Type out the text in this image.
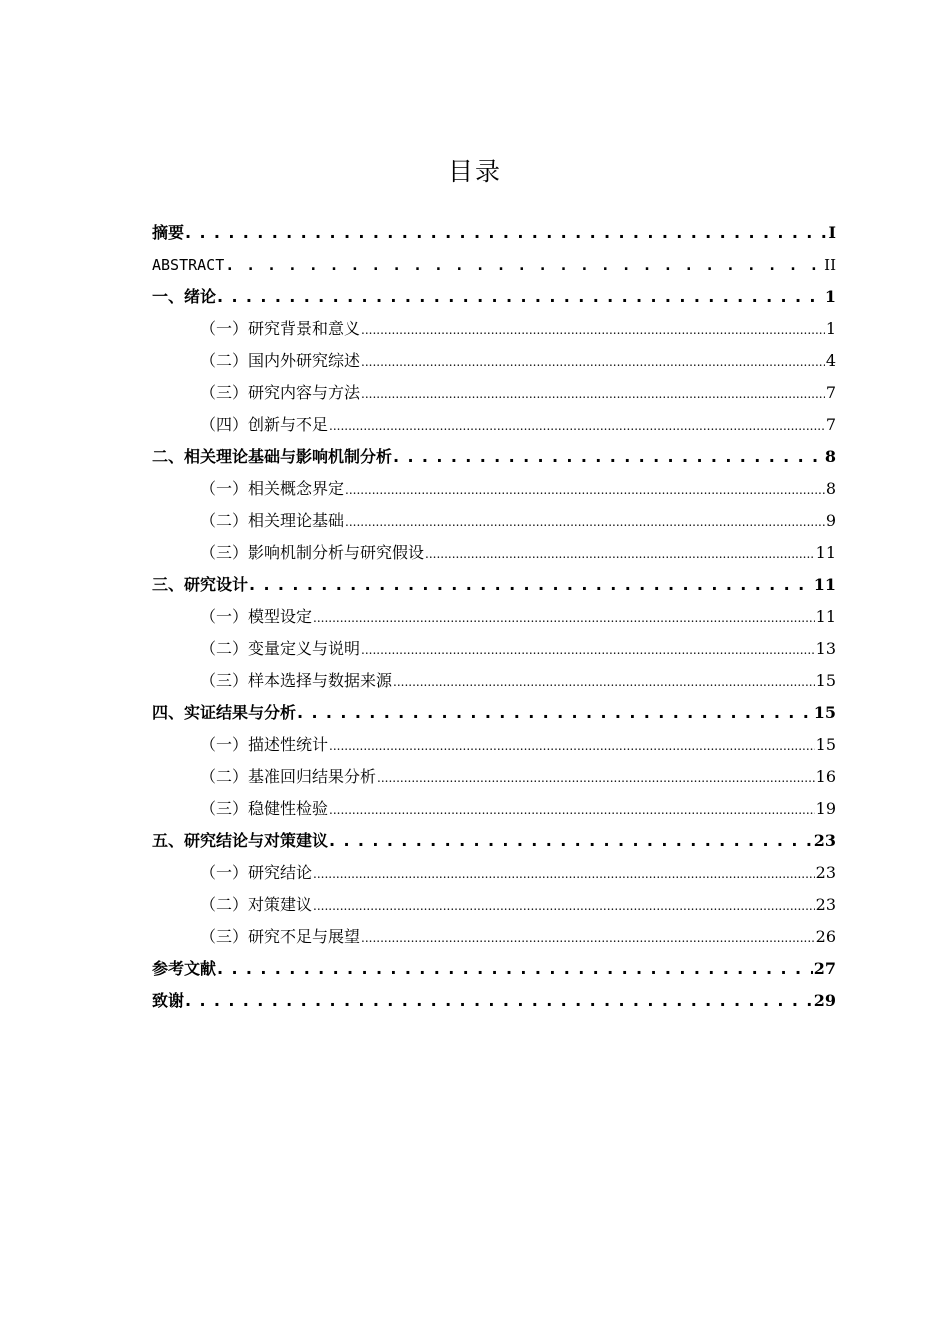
目录
摘要 . . .	I
ABSTRACT . . .	II
一、 绪论 . . .	1
（一） 研究背景和意义 .....	1
（二） 国内外研究综述 .....	4
（三） 研究内容与方法 .....	7
（四） 创新与不足 .....	7
二、 相关理论基础与影响机制分析 . . .	8
（一） 相关概念界定 .....	8
（二） 相关理论基础 .....	9
（三） 影响机制分析与研究假设 .....	11
三、 研究设计 . . .	11
（一） 模型设定 .....	11
（二） 变量定义与说明 .....	13
（三） 样本选择与数据来源 .....	15
四、 实证结果与分析 . . .	15
（一） 描述性统计 .....	15
（二） 基准回归结果分析 .....	16
（三） 稳健性检验 .....	19
五、 研究结论与对策建议 . . .	23
（一） 研究结论 .....	23
（二） 对策建议 .....	23
（三） 研究不足与展望 .....	26
参考文献 . . .	27
致谢 . . .	29
